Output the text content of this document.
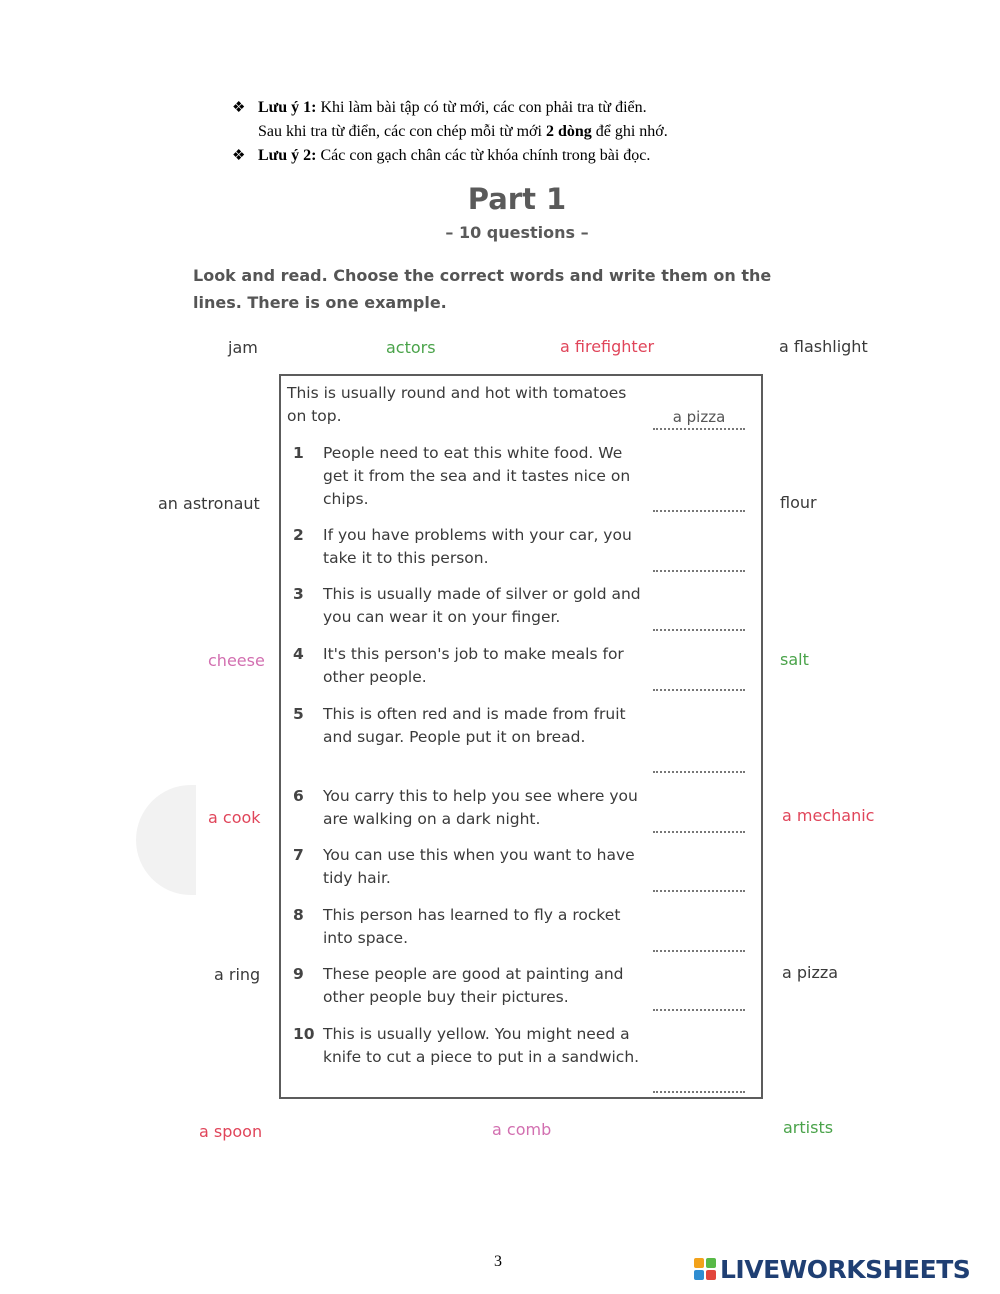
❖ Lưu ý 1: Khi làm bài tập có từ mới, các con phải tra từ điển.
Sau khi tra từ điển, các con chép mỗi từ mới 2 dòng để ghi nhớ.
❖ Lưu ý 2: Các con gạch chân các từ khóa chính trong bài đọc.
Part 1
– 10 questions –
Look and read. Choose the correct words and write them on the lines. There is one example.
jam	actors	a firefighter	a flashlight
an astronaut
cheese
a cook
a ring
flour
salt
a mechanic
a pizza
a spoon	a comb	artists
This is usually round and hot with tomatoes on top.	a pizza
1 People need to eat this white food. We get it from the sea and it tastes nice on chips.
2 If you have problems with your car, you take it to this person.
3 This is usually made of silver or gold and you can wear it on your finger.
4 It's this person's job to make meals for other people.
5 This is often red and is made from fruit and sugar. People put it on bread.
6 You carry this to help you see where you are walking on a dark night.
7 You can use this when you want to have tidy hair.
8 This person has learned to fly a rocket into space.
9 These people are good at painting and other people buy their pictures.
10 This is usually yellow. You might need a knife to cut a piece to put in a sandwich.
3	LIVEWORKSHEETS
